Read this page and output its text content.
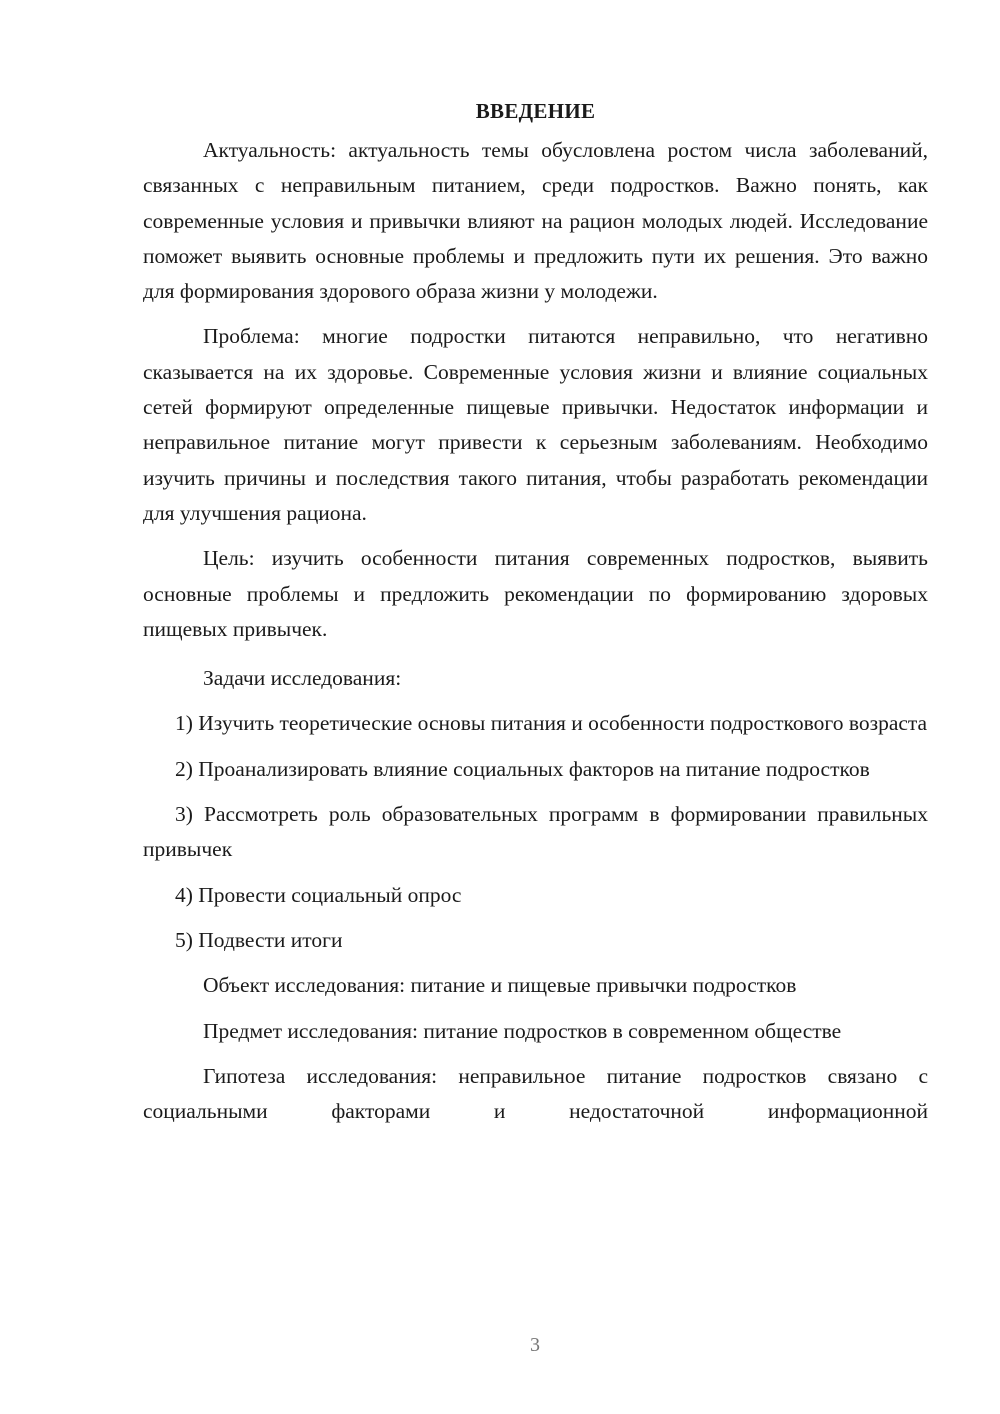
ВВЕДЕНИЕ

Актуальность: актуальность темы обусловлена ростом числа заболеваний, связанных с неправильным питанием, среди подростков. Важно понять, как современные условия и привычки влияют на рацион молодых людей. Исследование поможет выявить основные проблемы и предложить пути их решения. Это важно для формирования здорового образа жизни у молодежи.

Проблема: многие подростки питаются неправильно, что негативно сказывается на их здоровье. Современные условия жизни и влияние социальных сетей формируют определенные пищевые привычки. Недостаток информации и неправильное питание могут привести к серьезным заболеваниям. Необходимо изучить причины и последствия такого питания, чтобы разработать рекомендации для улучшения рациона.

Цель: изучить особенности питания современных подростков, выявить основные проблемы и предложить рекомендации по формированию здоровых пищевых привычек.

Задачи исследования:

1) Изучить теоретические основы питания и особенности подросткового возраста

2) Проанализировать влияние социальных факторов на питание подростков

3) Рассмотреть роль образовательных программ в формировании правильных привычек

4) Провести социальный опрос

5) Подвести итоги

Объект исследования: питание и пищевые привычки подростков

Предмет исследования: питание подростков в современном обществе

Гипотеза исследования: неправильное питание подростков связано с социальными факторами и недостаточной информационной

3
